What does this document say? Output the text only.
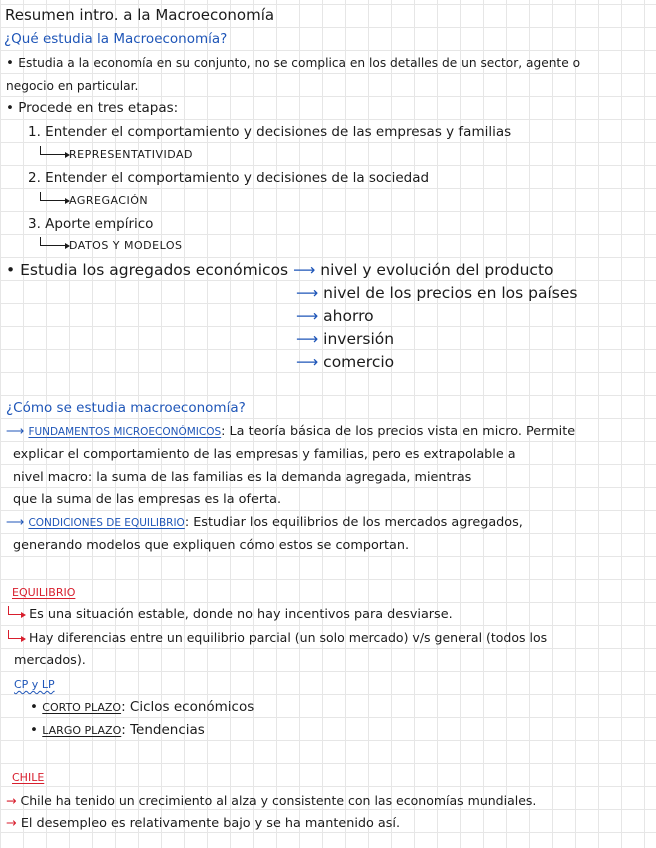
Resumen intro. a la Macroeconomía
¿Qué estudia la Macroeconomía?
• Estudia a la economía en su conjunto, no se complica en los detalles de un sector, agente o
negocio en particular.
• Procede en tres etapas:
1. Entender el comportamiento y decisiones de las empresas y familias
REPRESENTATIVIDAD
2. Entender el comportamiento y decisiones de la sociedad
AGREGACIÓN
3. Aporte empírico
DATOS Y MODELOS
• Estudia los agregados económicos ⟶ nivel y evolución del producto
⟶ nivel de los precios en los países
⟶ ahorro
⟶ inversión
⟶ comercio
¿Cómo se estudia macroeconomía?
⟶ FUNDAMENTOS MICROECONÓMICOS: La teoría básica de los precios vista en micro. Permite
explicar el comportamiento de las empresas y familias, pero es extrapolable a
nivel macro: la suma de las familias es la demanda agregada, mientras
que la suma de las empresas es la oferta.
⟶ CONDICIONES DE EQUILIBRIO: Estudiar los equilibrios de los mercados agregados,
generando modelos que expliquen cómo estos se comportan.
EQUILIBRIO
Es una situación estable, donde no hay incentivos para desviarse.
Hay diferencias entre un equilibrio parcial (un solo mercado) v/s general (todos los
mercados).
CP y LP
• CORTO PLAZO: Ciclos económicos
• LARGO PLAZO: Tendencias
CHILE
→ Chile ha tenido un crecimiento al alza y consistente con las economías mundiales.
→ El desempleo es relativamente bajo y se ha mantenido así.
